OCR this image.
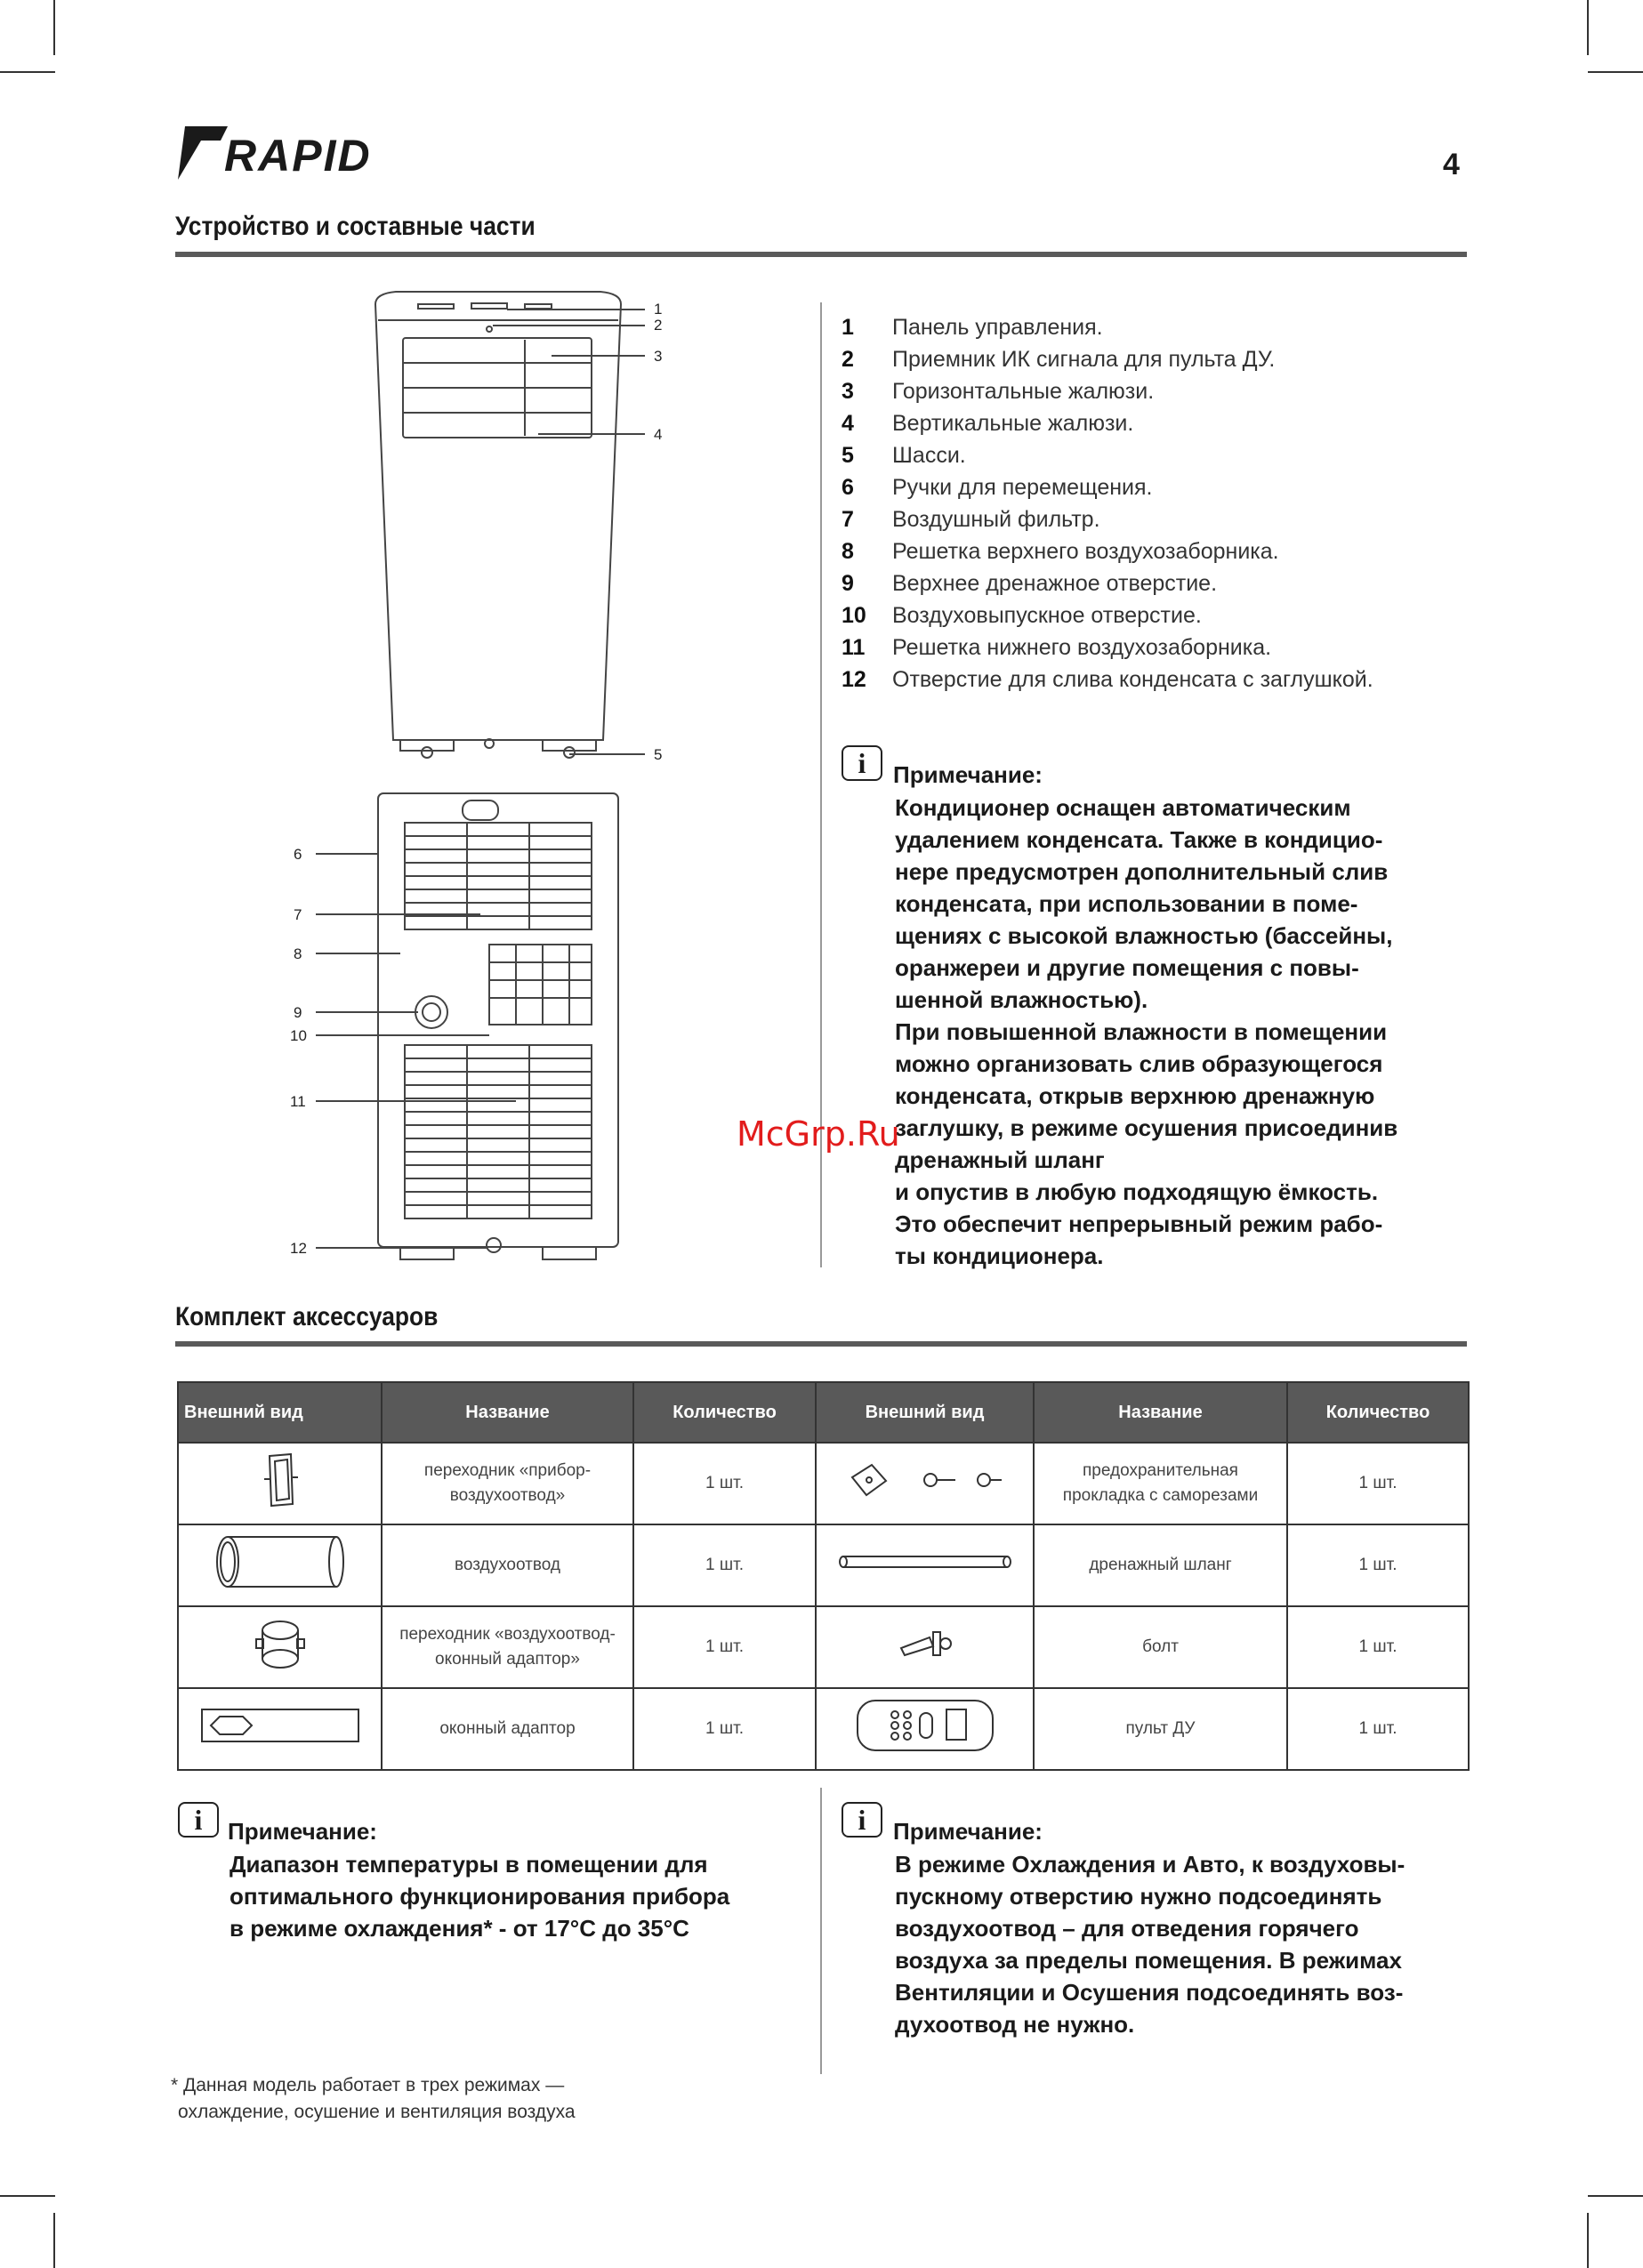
RAPID	4
Устройство и составные части
1
2
3
4
5
6
7
8
9
10
11
12
1	Панель управления.
2	Приемник ИК сигнала для пульта ДУ.
3	Горизонтальные жалюзи.
4	Вертикальные жалюзи.
5	Шасси.
6	Ручки для перемещения.
7	Воздушный фильтр.
8	Решетка верхнего воздухозаборника.
9	Верхнее дренажное отверстие.
10	Воздуховыпускное отверстие.
11	Решетка нижнего воздухозаборника.
12	Отверстие для слива конденсата с заглушкой.
i	Примечание:

Кондиционер оснащен автоматическим

удалением конденсата. Также в кондицио-

нере предусмотрен дополнительный слив

конденсата, при использовании в поме-

щениях с высокой влажностью (бассейны,

оранжереи и другие помещения с повы-

шенной влажностью).

При повышенной влажности в помещении

можно организовать слив образующегося

конденсата, открыв верхнюю дренажную

заглушку, в режиме осушения присоединив

дренажный шланг

и опустив в любую подходящую ёмкость.

Это обеспечит непрерывный режим рабо-

ты кондиционера.

McGrp.Ru
Комплект аксессуаров
Внешний вид	Название	Количество	Внешний вид	Название	Количество
	переходник «прибор-воздухоотвод»	1 шт.		предохранительная прокладка с саморезами	1 шт.
	воздухоотвод	1 шт.		дренажный шланг	1 шт.
	переходник «воздухоотвод-оконный адаптор»	1 шт.		болт	1 шт.
	оконный адаптор	1 шт.		пульт ДУ	1 шт.
i	Примечание:

Диапазон температуры в помещении для

оптимального функционирования прибора

в режиме охлаждения* - от 17°С до 35°С

i	Примечание:

В режиме Охлаждения и Авто, к воздуховы-

пускному отверстию нужно подсоединять

воздухоотвод – для отведения горячего

воздуха за пределы помещения. В режимах

Вентиляции и Осушения подсоединять воз-

духоотвод не нужно.

* Данная модель работает в трех режимах —
охлаждение, осушение и вентиляция воздуха
